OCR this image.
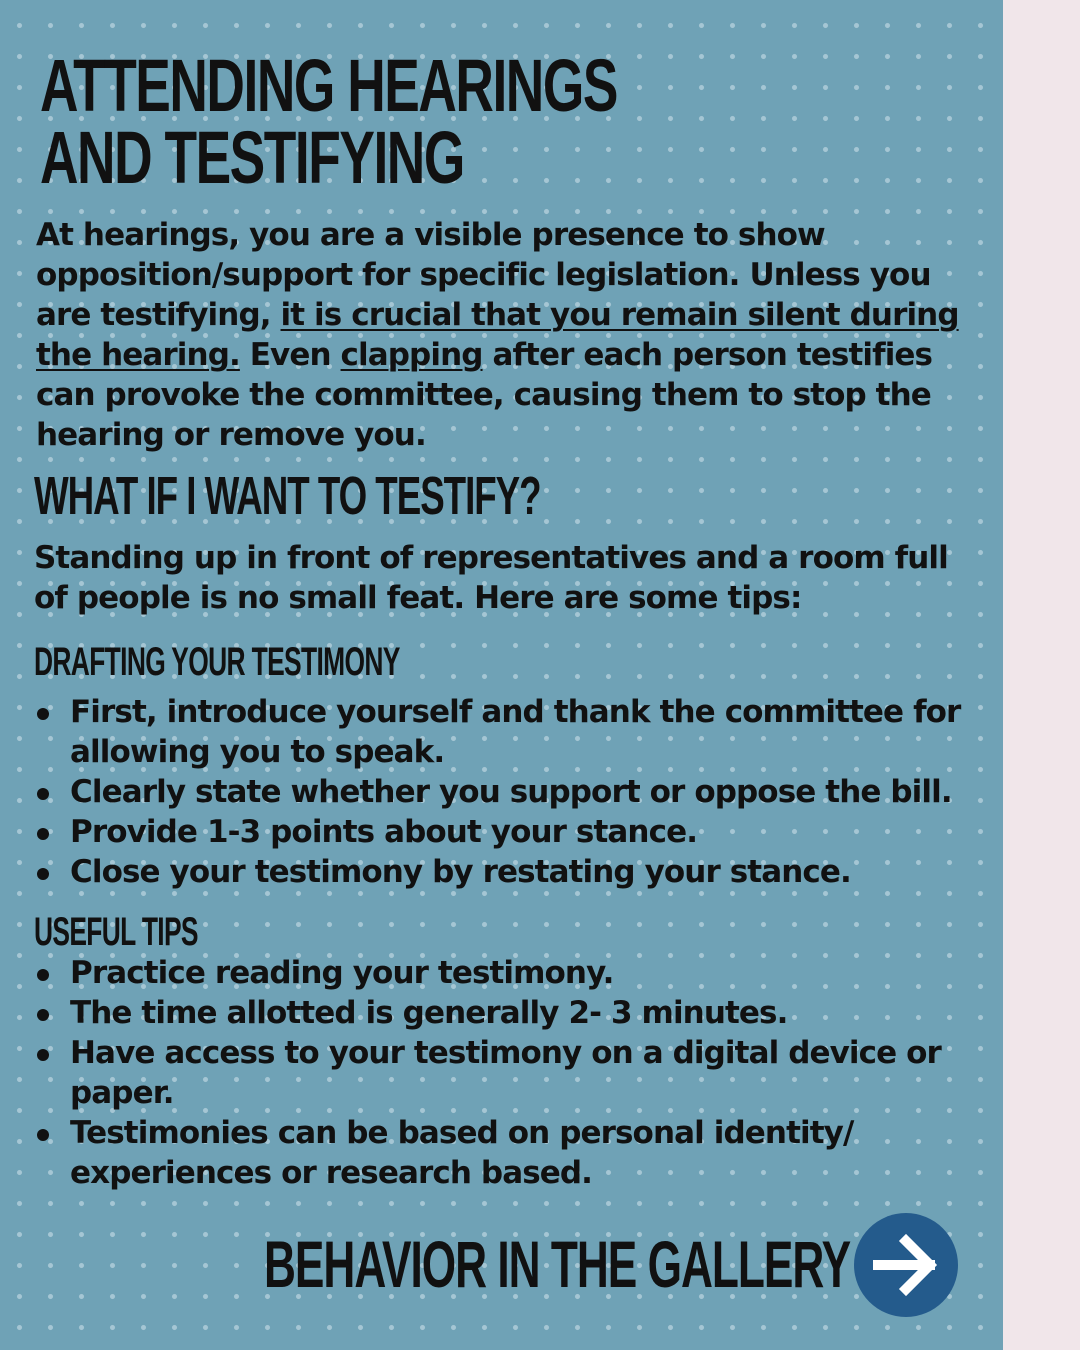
ATTENDING HEARINGS
AND TESTIFYING

At hearings, you are a visible presence to show opposition/support for specific legislation. Unless you are testifying, it is crucial that you remain silent during the hearing. Even clapping after each person testifies can provoke the committee, causing them to stop the hearing or remove you.

WHAT IF I WANT TO TESTIFY?

Standing up in front of representatives and a room full of people is no small feat. Here are some tips:

DRAFTING YOUR TESTIMONY
First, introduce yourself and thank the committee for allowing you to speak.
Clearly state whether you support or oppose the bill.
Provide 1-3 points about your stance.
Close your testimony by restating your stance.
USEFUL TIPS
Practice reading your testimony.
The time allotted is generally 2- 3 minutes.
Have access to your testimony on a digital device or paper.
Testimonies can be based on personal identity/ experiences or research based.
BEHAVIOR IN THE GALLERY
